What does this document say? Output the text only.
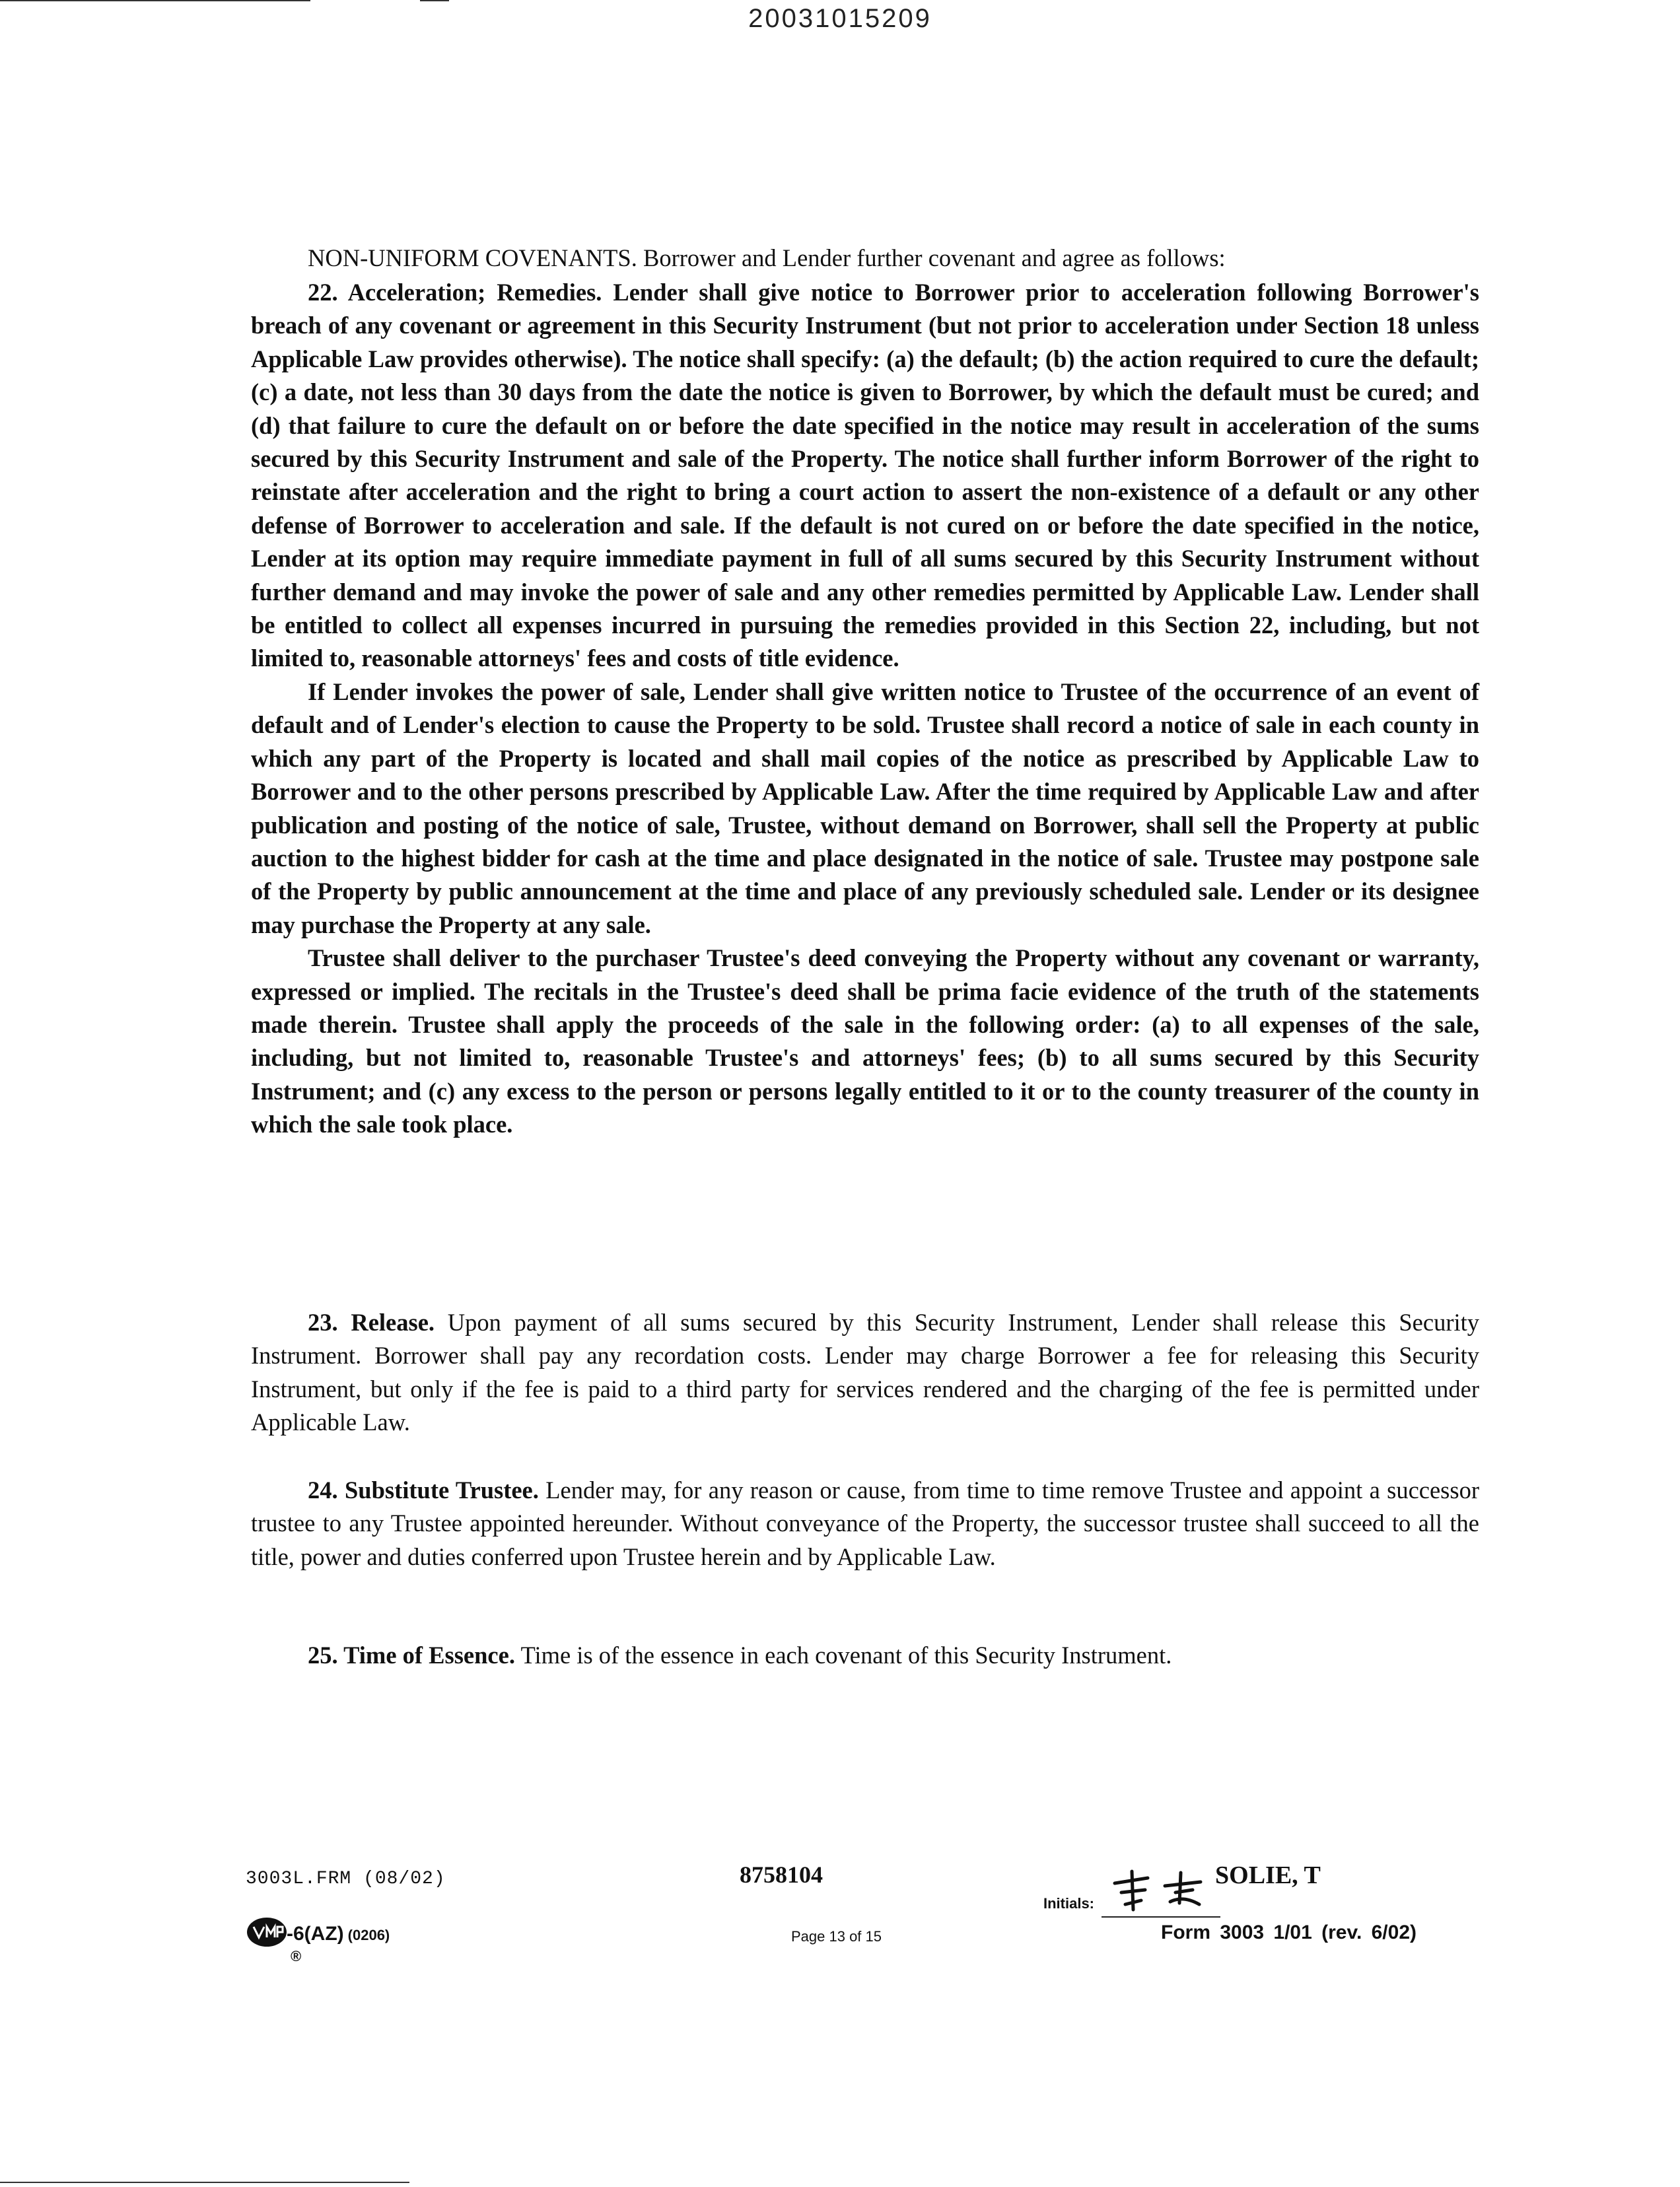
20031015209
NON-UNIFORM COVENANTS. Borrower and Lender further covenant and agree as follows:

22. Acceleration; Remedies. Lender shall give notice to Borrower prior to acceleration following Borrower's breach of any covenant or agreement in this Security Instrument (but not prior to acceleration under Section 18 unless Applicable Law provides otherwise). The notice shall specify: (a) the default; (b) the action required to cure the default; (c) a date, not less than 30 days from the date the notice is given to Borrower, by which the default must be cured; and (d) that failure to cure the default on or before the date specified in the notice may result in acceleration of the sums secured by this Security Instrument and sale of the Property. The notice shall further inform Borrower of the right to reinstate after acceleration and the right to bring a court action to assert the non-existence of a default or any other defense of Borrower to acceleration and sale. If the default is not cured on or before the date specified in the notice, Lender at its option may require immediate payment in full of all sums secured by this Security Instrument without further demand and may invoke the power of sale and any other remedies permitted by Applicable Law. Lender shall be entitled to collect all expenses incurred in pursuing the remedies provided in this Section 22, including, but not limited to, reasonable attorneys' fees and costs of title evidence.

If Lender invokes the power of sale, Lender shall give written notice to Trustee of the occurrence of an event of default and of Lender's election to cause the Property to be sold. Trustee shall record a notice of sale in each county in which any part of the Property is located and shall mail copies of the notice as prescribed by Applicable Law to Borrower and to the other persons prescribed by Applicable Law. After the time required by Applicable Law and after publication and posting of the notice of sale, Trustee, without demand on Borrower, shall sell the Property at public auction to the highest bidder for cash at the time and place designated in the notice of sale. Trustee may postpone sale of the Property by public announcement at the time and place of any previously scheduled sale. Lender or its designee may purchase the Property at any sale.

Trustee shall deliver to the purchaser Trustee's deed conveying the Property without any covenant or warranty, expressed or implied. The recitals in the Trustee's deed shall be prima facie evidence of the truth of the statements made therein. Trustee shall apply the proceeds of the sale in the following order: (a) to all expenses of the sale, including, but not limited to, reasonable Trustee's and attorneys' fees; (b) to all sums secured by this Security Instrument; and (c) any excess to the person or persons legally entitled to it or to the county treasurer of the county in which the sale took place.

23. Release. Upon payment of all sums secured by this Security Instrument, Lender shall release this Security Instrument. Borrower shall pay any recordation costs. Lender may charge Borrower a fee for releasing this Security Instrument, but only if the fee is paid to a third party for services rendered and the charging of the fee is permitted under Applicable Law.

24. Substitute Trustee. Lender may, for any reason or cause, from time to time remove Trustee and appoint a successor trustee to any Trustee appointed hereunder. Without conveyance of the Property, the successor trustee shall succeed to all the title, power and duties conferred upon Trustee herein and by Applicable Law.

25. Time of Essence. Time is of the essence in each covenant of this Security Instrument.

3003L.FRM (08/02)	8758104	SOLIE, T
Initials:
-6(AZ) (0206)
®
Page 13 of 15	Form 3003 1/01 (rev. 6/02)
